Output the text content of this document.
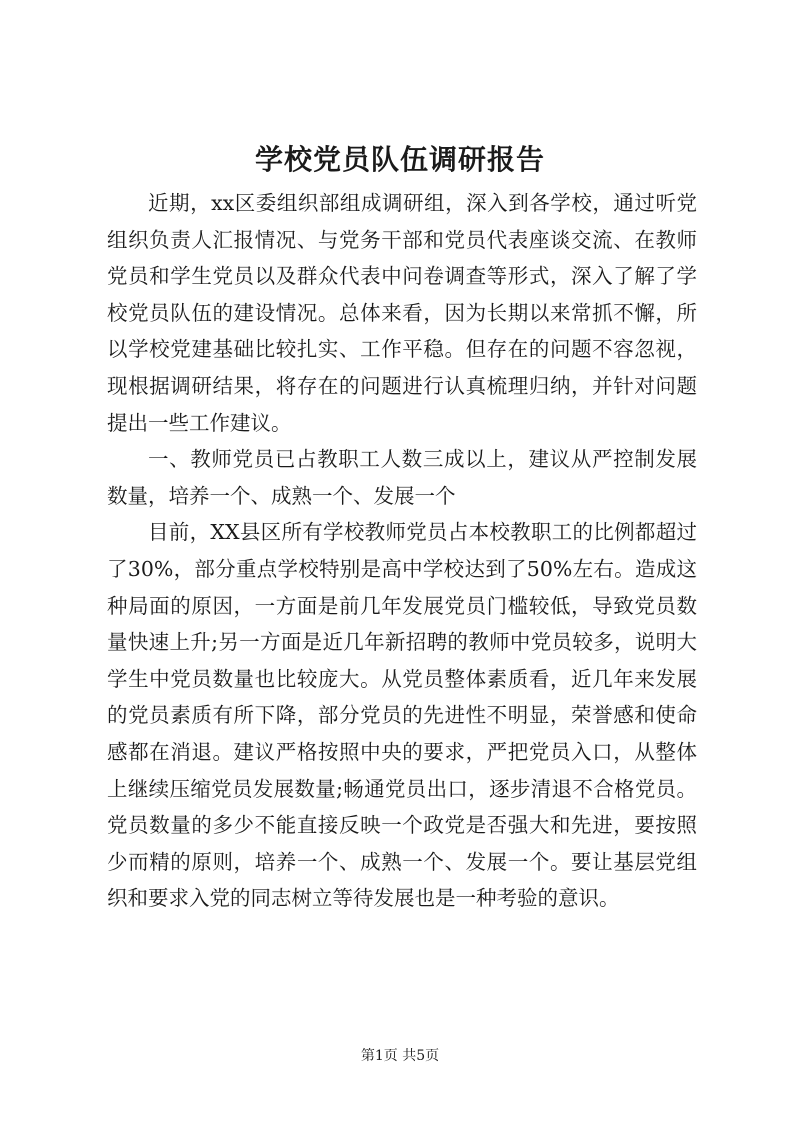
学校党员队伍调研报告

近期，xx区委组织部组成调研组，深入到各学校，通过听党组织负责人汇报情况、与党务干部和党员代表座谈交流、在教师党员和学生党员以及群众代表中问卷调查等形式，深入了解了学校党员队伍的建设情况。总体来看，因为长期以来常抓不懈，所以学校党建基础比较扎实、工作平稳。但存在的问题不容忽视，现根据调研结果，将存在的问题进行认真梳理归纳，并针对问题提出一些工作建议。

一、教师党员已占教职工人数三成以上，建议从严控制发展数量，培养一个、成熟一个、发展一个

目前，XX县区所有学校教师党员占本校教职工的比例都超过了30%，部分重点学校特别是高中学校达到了50%左右。造成这种局面的原因，一方面是前几年发展党员门槛较低，导致党员数量快速上升;另一方面是近几年新招聘的教师中党员较多，说明大学生中党员数量也比较庞大。从党员整体素质看，近几年来发展的党员素质有所下降，部分党员的先进性不明显，荣誉感和使命感都在消退。建议严格按照中央的要求，严把党员入口，从整体上继续压缩党员发展数量;畅通党员出口，逐步清退不合格党员。党员数量的多少不能直接反映一个政党是否强大和先进，要按照少而精的原则，培养一个、成熟一个、发展一个。要让基层党组织和要求入党的同志树立等待发展也是一种考验的意识。

第1页 共5页
